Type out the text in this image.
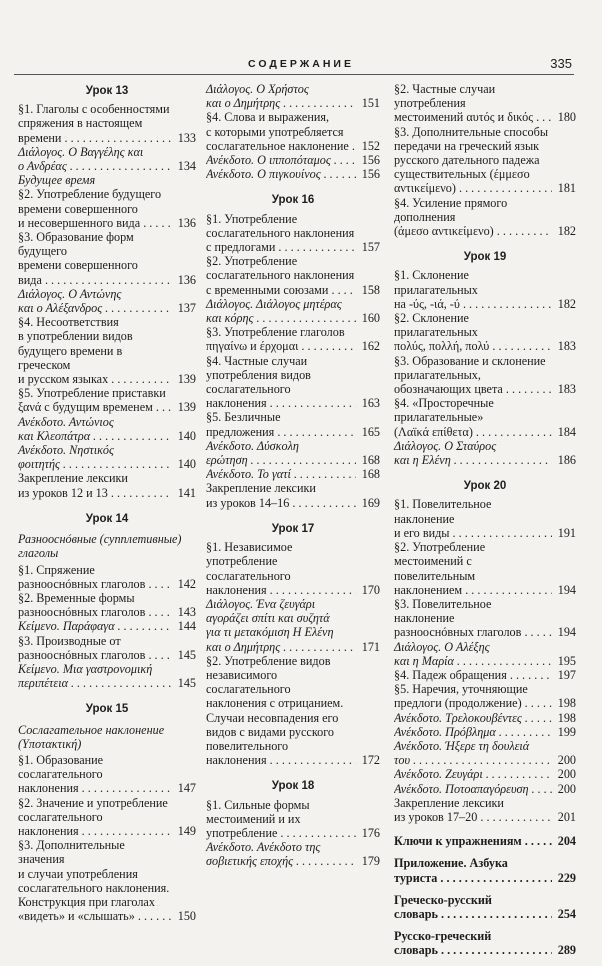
СОДЕРЖАНИЕ	335
Урок 13
§1. Глаголы с особенностями
спряжения в настоящем
времени . . .	133
Διάλογος. Ο Βαγγέλης και
ο Ανδρέας . . .	134
Будущее время
§2. Употребление будущего
времени совершенного
и несовершенного вида . . .	136
§3. Образование форм будущего
времени совершенного
вида . . .	136
Διάλογος. Ο Αντώνης
και ο Αλέξανδρος . . .	137
§4. Несоответствия
в употреблении видов
будущего времени в греческом
и русском языках . . .	139
§5. Употребление приставки
ξανά с будущим временем . . .	139
Ανέκδοτο. Αντώνιος
και Κλεοπάτρα . . .	140
Ανέκδοτο. Νηστικός
φοιτητής . . .	140
Закрепление лексики
из уроков 12 и 13 . . .	141
Урок 14
Разнооснóвные (супплетивные)
глаголы
§1. Спряжение
разнооснóвных глаголов . . .	142
§2. Временные формы
разнооснóвных глаголов . . .	143
Κείμενο. Παράφαγα . . .	144
§3. Производные от
разнооснóвных глаголов . . .	145
Κείμενο. Μια γαστρονομική
περιπέτεια . . .	145
Урок 15
Сослагательное наклонение
(Υποτακτική)
§1. Образование сослагательного
наклонения . . .	147
§2. Значение и употребление
сослагательного
наклонения . . .	149
§3. Дополнительные значения
и случаи употребления
сослагательного наклонения.
Конструкция при глаголах
«видеть» и «слышать» . . .	150
Διάλογος. Ο Χρήστος
και ο Δημήτρης . . .	151
§4. Слова и выражения,
с которыми употребляется
сослагательное наклонение . . .	152
Ανέκδοτο. Ο ιπποπόταμος . . .	156
Ανέκδοτο. Ο πιγκουίνος . . .	156
Урок 16
§1. Употребление
сослагательного наклонения
с предлогами . . .	157
§2. Употребление
сослагательного наклонения
с временными союзами . . .	158
Διάλογος. Διάλογος μητέρας
και κόρης . . .	160
§3. Употребление глаголов
πηγαίνω и έρχομαι . . .	162
§4. Частные случаи
употребления видов
сослагательного
наклонения . . .	163
§5. Безличные
предложения . . .	165
Ανέκδοτο. Δύσκολη
ερώτηση . . .	168
Ανέκδοτο. Το γατί . . .	168
Закрепление лексики
из уроков 14–16 . . .	169
Урок 17
§1. Независимое
употребление сослагательного
наклонения . . .	170
Διάλογος. Ένα ζευγάρι
αγοράζει σπίτι και συζητά
για τι μετακόμιση Η Ελένη
και ο Δημήτρης . . .	171
§2. Употребление видов
независимого сослагательного
наклонения с отрицанием.
Случаи несовпадения его
видов с видами русского
повелительного
наклонения . . .	172
Урок 18
§1. Сильные формы
местоимений и их
употребление . . .	176
Ανέκδοτο. Ανέκδοτο της
σοβιετικής εποχής . . .	179
§2. Частные случаи употребления
местоимений αυτός и δικός . . .	180
§3. Дополнительные способы
передачи на греческий язык
русского дательного падежа
существительных (έμμεσο
αντικείμενο) . . .	181
§4. Усиление прямого дополнения
(άμεσο αντικείμενο) . . .	182
Урок 19
§1. Склонение прилагательных
на -ύς, -ιά, -ύ . . .	182
§2. Склонение прилагательных
πολύς, πολλή, πολύ . . .	183
§3. Образование и склонение
прилагательных,
обозначающих цвета . . .	183
§4. «Просторечные
прилагательные»
(Λαϊκά επίθετα) . . .	184
Διάλογος. Ο Σταύρος
και η Ελένη . . .	186
Урок 20
§1. Повелительное наклонение
и его виды . . .	191
§2. Употребление
местоимений с повелительным
наклонением . . .	194
§3. Повелительное наклонение
разнооснóвных глаголов . . .	194
Διάλογος. Ο Αλέξης
και η Μαρία . . .	195
§4. Падеж обращения . . .	197
§5. Наречия, уточняющие
предлоги (продолжение) . . .	198
Ανέκδοτο. Τρελοκουβέντες . . .	198
Ανέκδοτο. Πρόβλημα . . .	199
Ανέκδοτο. Ήξερε τη δουλειά
του . . .	200
Ανέκδοτο. Ζευγάρι . . .	200
Ανέκδοτο. Ποτοαπαγόρευση . . .	200
Закрепление лексики
из уроков 17–20 . . .	201
Ключи к упражнениям . . .	204
Приложение. Азбука
туриста . . .	229
Греческо-русский
словарь . . .	254
Русско-греческий
словарь . . .	289
